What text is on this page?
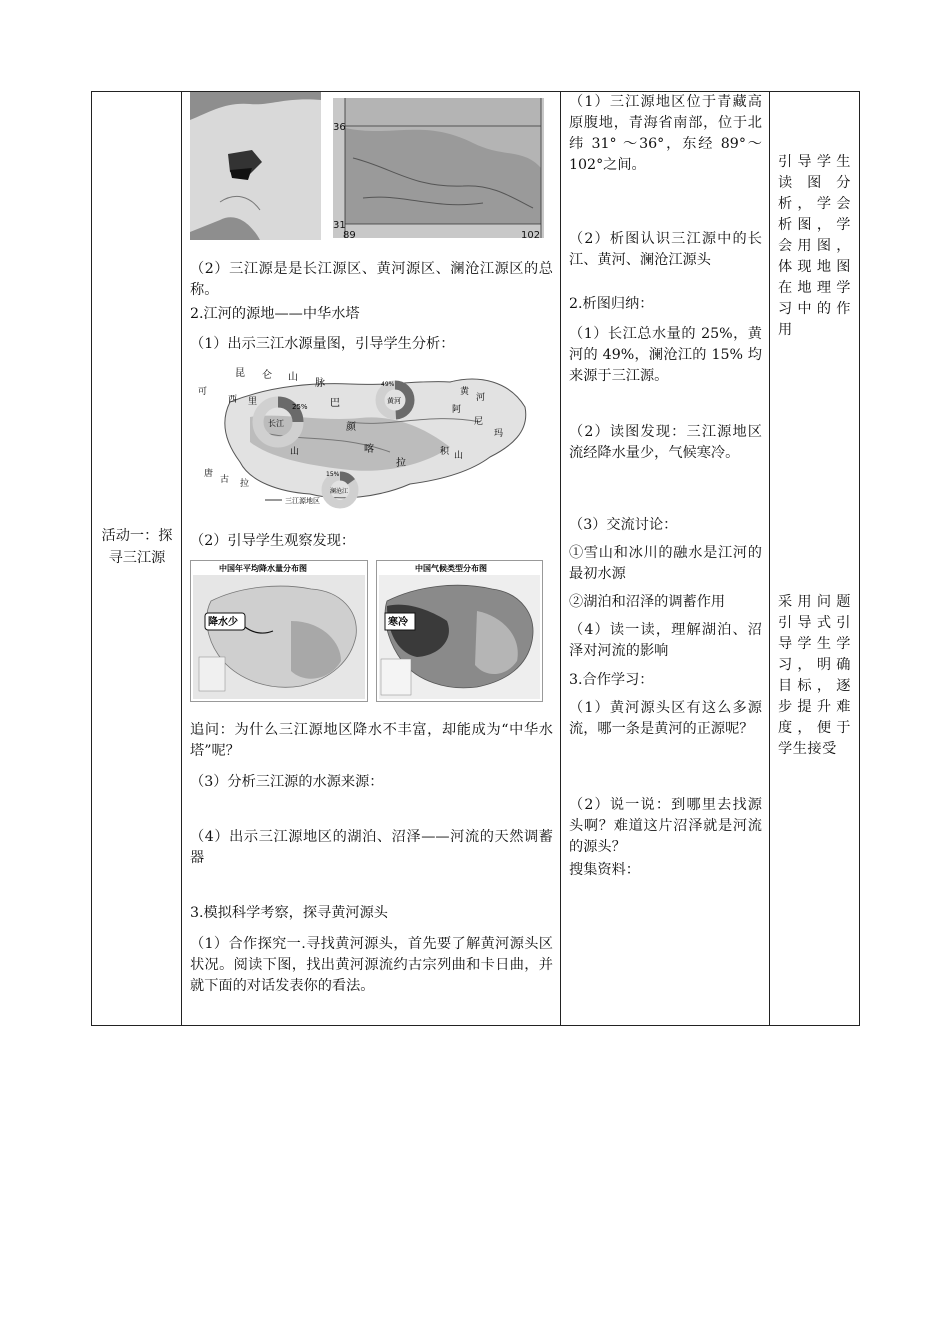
活动一：探寻三江源
36
31
89	102

（2）三江源是是长江源区、黄河源区、澜沧江源区的总称。

2.江河的源地——中华水塔

（1）出示三江水源量图，引导学生分析：

昆 仑 山
脉
可
西 里	巴
颜
喀
拉
唐
古 拉
山
阿
尼
玛
黄
河
积 山
长江
25%
黄河
49%
澜沧江
15%
三江源地区

（2）引导学生观察发现：

中国年平均降水量分布图
降水少
中国气候类型分布图
寒冷

追问：为什么三江源地区降水不丰富，却能成为“中华水塔”呢？

（3）分析三江源的水源来源：

（4）出示三江源地区的湖泊、沼泽——河流的天然调蓄器

3.模拟科学考察，探寻黄河源头

（1）合作探究一.寻找黄河源头，首先要了解黄河源头区状况。阅读下图，找出黄河源流约古宗列曲和卡日曲，并就下面的对话发表你的看法。

（1）三江源地区位于青藏高原腹地，青海省南部，位于北纬 31° ～36°，东经 89°～102°之间。

（2）析图认识三江源中的长江、黄河、澜沧江源头

2.析图归纳：

（1）长江总水量的 25%，黄河的 49%，澜沧江的 15% 均来源于三江源。

（2）读图发现：三江源地区流经降水量少，气候寒冷。

（3）交流讨论：

①雪山和冰川的融水是江河的最初水源

②湖泊和沼泽的调蓄作用

（4）读一读，理解湖泊、沼泽对河流的影响

3.合作学习：

（1）黄河源头区有这么多源流，哪一条是黄河的正源呢？

（2）说一说：到哪里去找源头啊？难道这片沼泽就是河流的源头？

搜集资料：

引导学生读图分析，学会析图，学会用图，体现地图在地理学习中的作用

采用问题引导式引导学生学习，明确目标，逐步提升难度，便于学生接受
